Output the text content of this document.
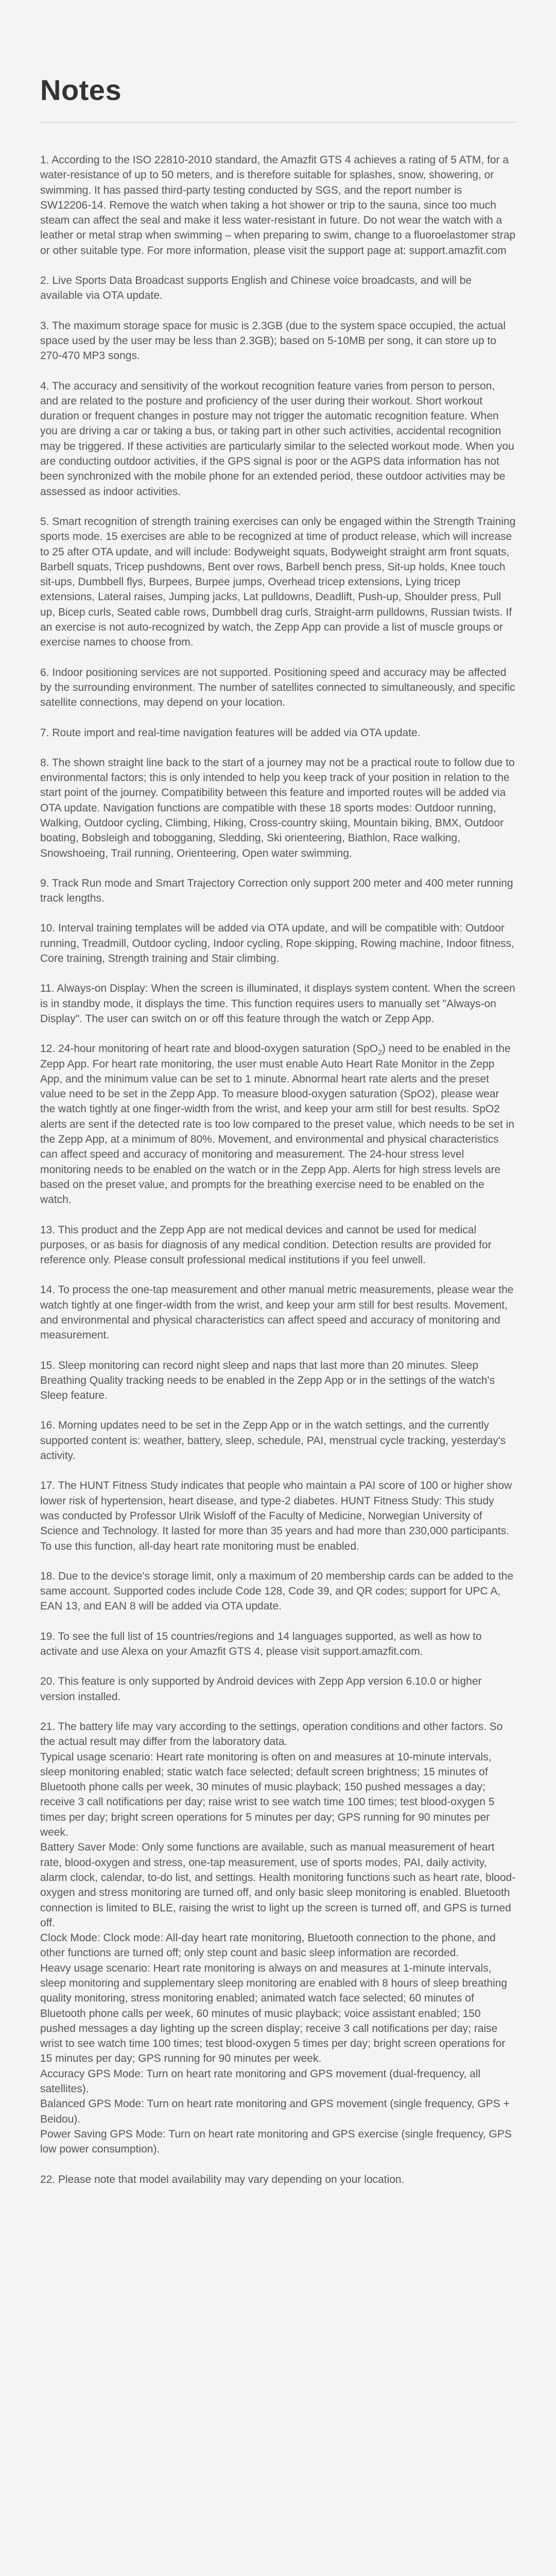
Notes
1. According to the ISO 22810-2010 standard, the Amazfit GTS 4 achieves a rating of 5 ATM, for a water-resistance of up to 50 meters, and is therefore suitable for splashes, snow, showering, or swimming. It has passed third-party testing conducted by SGS, and the report number is SW12206-14. Remove the watch when taking a hot shower or trip to the sauna, since too much steam can affect the seal and make it less water-resistant in future. Do not wear the watch with a leather or metal strap when swimming – when preparing to swim, change to a fluoroelastomer strap or other suitable type. For more information, please visit the support page at: support.amazfit.com
2. Live Sports Data Broadcast supports English and Chinese voice broadcasts, and will be available via OTA update.
3. The maximum storage space for music is 2.3GB (due to the system space occupied, the actual space used by the user may be less than 2.3GB); based on 5-10MB per song, it can store up to 270-470 MP3 songs.
4. The accuracy and sensitivity of the workout recognition feature varies from person to person, and are related to the posture and proficiency of the user during their workout. Short workout duration or frequent changes in posture may not trigger the automatic recognition feature. When you are driving a car or taking a bus, or taking part in other such activities, accidental recognition may be triggered. If these activities are particularly similar to the selected workout mode. When you are conducting outdoor activities, if the GPS signal is poor or the AGPS data information has not been synchronized with the mobile phone for an extended period, these outdoor activities may be assessed as indoor activities.
5. Smart recognition of strength training exercises can only be engaged within the Strength Training sports mode. 15 exercises are able to be recognized at time of product release, which will increase to 25 after OTA update, and will include: Bodyweight squats, Bodyweight straight arm front squats, Barbell squats, Tricep pushdowns, Bent over rows, Barbell bench press, Sit-up holds, Knee touch sit-ups, Dumbbell flys, Burpees, Burpee jumps, Overhead tricep extensions, Lying tricep extensions, Lateral raises, Jumping jacks, Lat pulldowns, Deadlift, Push-up, Shoulder press, Pull up, Bicep curls, Seated cable rows, Dumbbell drag curls, Straight-arm pulldowns, Russian twists. If an exercise is not auto-recognized by watch, the Zepp App can provide a list of muscle groups or exercise names to choose from.
6. Indoor positioning services are not supported. Positioning speed and accuracy may be affected by the surrounding environment. The number of satellites connected to simultaneously, and specific satellite connections, may depend on your location.
7. Route import and real-time navigation features will be added via OTA update.
8. The shown straight line back to the start of a journey may not be a practical route to follow due to environmental factors; this is only intended to help you keep track of your position in relation to the start point of the journey. Compatibility between this feature and imported routes will be added via OTA update. Navigation functions are compatible with these 18 sports modes: Outdoor running, Walking, Outdoor cycling, Climbing, Hiking, Cross-country skiing, Mountain biking, BMX, Outdoor boating, Bobsleigh and tobogganing, Sledding, Ski orienteering, Biathlon, Race walking, Snowshoeing, Trail running, Orienteering, Open water swimming.
9. Track Run mode and Smart Trajectory Correction only support 200 meter and 400 meter running track lengths.
10. Interval training templates will be added via OTA update, and will be compatible with: Outdoor running, Treadmill, Outdoor cycling, Indoor cycling, Rope skipping, Rowing machine, Indoor fitness, Core training, Strength training and Stair climbing.
11. Always-on Display: When the screen is illuminated, it displays system content. When the screen is in standby mode, it displays the time. This function requires users to manually set "Always-on Display". The user can switch on or off this feature through the watch or Zepp App.
12. 24-hour monitoring of heart rate and blood-oxygen saturation (SpO$_2$) need to be enabled in the Zepp App. For heart rate monitoring, the user must enable Auto Heart Rate Monitor in the Zepp App, and the minimum value can be set to 1 minute. Abnormal heart rate alerts and the preset value need to be set in the Zepp App. To measure blood-oxygen saturation (SpO2), please wear the watch tightly at one finger-width from the wrist, and keep your arm still for best results. SpO2 alerts are sent if the detected rate is too low compared to the preset value, which needs to be set in the Zepp App, at a minimum of 80%. Movement, and environmental and physical characteristics can affect speed and accuracy of monitoring and measurement. The 24-hour stress level monitoring needs to be enabled on the watch or in the Zepp App. Alerts for high stress levels are based on the preset value, and prompts for the breathing exercise need to be enabled on the watch.
13. This product and the Zepp App are not medical devices and cannot be used for medical purposes, or as basis for diagnosis of any medical condition. Detection results are provided for reference only. Please consult professional medical institutions if you feel unwell.
14. To process the one-tap measurement and other manual metric measurements, please wear the watch tightly at one finger-width from the wrist, and keep your arm still for best results. Movement, and environmental and physical characteristics can affect speed and accuracy of monitoring and measurement.
15. Sleep monitoring can record night sleep and naps that last more than 20 minutes. Sleep Breathing Quality tracking needs to be enabled in the Zepp App or in the settings of the watch's Sleep feature.
16. Morning updates need to be set in the Zepp App or in the watch settings, and the currently supported content is: weather, battery, sleep, schedule, PAI, menstrual cycle tracking, yesterday's activity.
17. The HUNT Fitness Study indicates that people who maintain a PAI score of 100 or higher show lower risk of hypertension, heart disease, and type-2 diabetes. HUNT Fitness Study: This study was conducted by Professor Ulrik Wisloff of the Faculty of Medicine, Norwegian University of Science and Technology. It lasted for more than 35 years and had more than 230,000 participants. To use this function, all-day heart rate monitoring must be enabled.
18. Due to the device's storage limit, only a maximum of 20 membership cards can be added to the same account. Supported codes include Code 128, Code 39, and QR codes; support for UPC A, EAN 13, and EAN 8 will be added via OTA update.
19. To see the full list of 15 countries/regions and 14 languages supported, as well as how to activate and use Alexa on your Amazfit GTS 4, please visit support.amazfit.com.
20. This feature is only supported by Android devices with Zepp App version 6.10.0 or higher version installed.

21. The battery life may vary according to the settings, operation conditions and other factors. So the actual result may differ from the laboratory data.

Typical usage scenario: Heart rate monitoring is often on and measures at 10-minute intervals, sleep monitoring enabled; static watch face selected; default screen brightness; 15 minutes of Bluetooth phone calls per week, 30 minutes of music playback; 150 pushed messages a day; receive 3 call notifications per day; raise wrist to see watch time 100 times; test blood-oxygen 5 times per day; bright screen operations for 5 minutes per day; GPS running for 90 minutes per week.

Battery Saver Mode: Only some functions are available, such as manual measurement of heart rate, blood-oxygen and stress, one-tap measurement, use of sports modes, PAI, daily activity, alarm clock, calendar, to-do list, and settings. Health monitoring functions such as heart rate, blood-oxygen and stress monitoring are turned off, and only basic sleep monitoring is enabled. Bluetooth connection is limited to BLE, raising the wrist to light up the screen is turned off, and GPS is turned off.

Clock Mode: Clock mode: All-day heart rate monitoring, Bluetooth connection to the phone, and other functions are turned off; only step count and basic sleep information are recorded.

Heavy usage scenario: Heart rate monitoring is always on and measures at 1-minute intervals, sleep monitoring and supplementary sleep monitoring are enabled with 8 hours of sleep breathing quality monitoring, stress monitoring enabled; animated watch face selected; 60 minutes of Bluetooth phone calls per week, 60 minutes of music playback; voice assistant enabled; 150 pushed messages a day lighting up the screen display; receive 3 call notifications per day; raise wrist to see watch time 100 times; test blood-oxygen 5 times per day; bright screen operations for 15 minutes per day; GPS running for 90 minutes per week.

Accuracy GPS Mode: Turn on heart rate monitoring and GPS movement (dual-frequency, all satellites).

Balanced GPS Mode: Turn on heart rate monitoring and GPS movement (single frequency, GPS + Beidou).

Power Saving GPS Mode: Turn on heart rate monitoring and GPS exercise (single frequency, GPS low power consumption).

22. Please note that model availability may vary depending on your location.
